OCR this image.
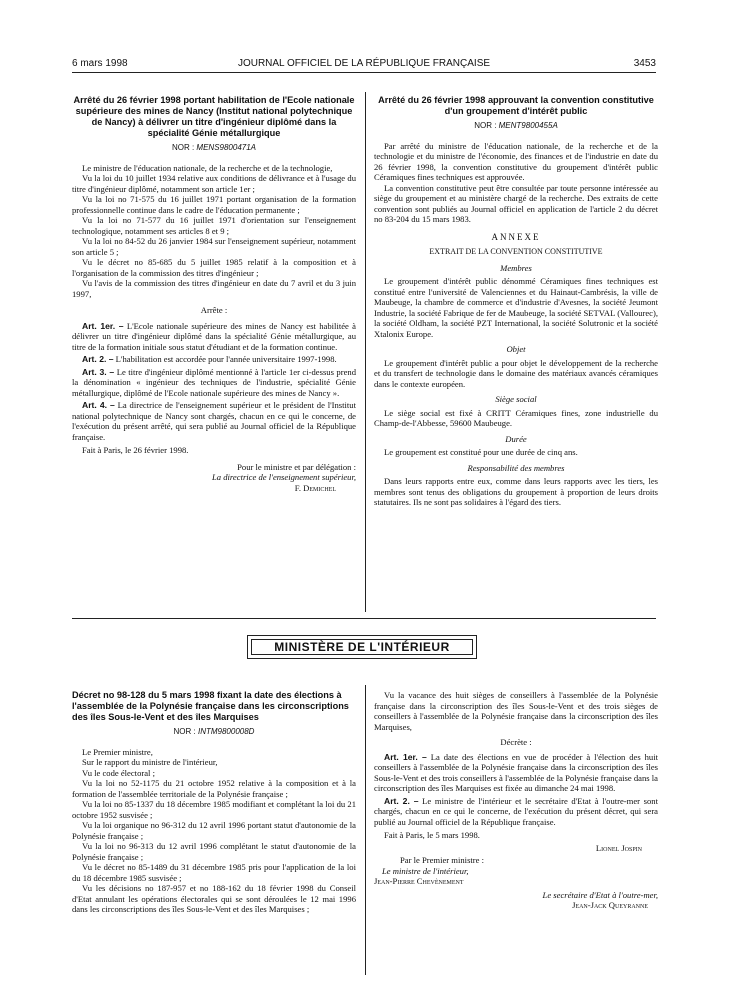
6 mars 1998	JOURNAL OFFICIEL DE LA RÉPUBLIQUE FRANÇAISE	3453

Arrêté du 26 février 1998 portant habilitation de l'Ecole nationale supérieure des mines de Nancy (Institut national polytechnique de Nancy) à délivrer un titre d'ingénieur diplômé dans la spécialité Génie métallurgique

NOR : MENS9800471A

Le ministre de l'éducation nationale, de la recherche et de la technologie,

Vu la loi du 10 juillet 1934 relative aux conditions de délivrance et à l'usage du titre d'ingénieur diplômé, notamment son article 1er ;

Vu la loi no 71-575 du 16 juillet 1971 portant organisation de la formation professionnelle continue dans le cadre de l'éducation permanente ;

Vu la loi no 71-577 du 16 juillet 1971 d'orientation sur l'enseignement technologique, notamment ses articles 8 et 9 ;

Vu la loi no 84-52 du 26 janvier 1984 sur l'enseignement supérieur, notamment son article 5 ;

Vu le décret no 85-685 du 5 juillet 1985 relatif à la composition et à l'organisation de la commission des titres d'ingénieur ;

Vu l'avis de la commission des titres d'ingénieur en date du 7 avril et du 3 juin 1997,

Arrête :

Art. 1er. – L'Ecole nationale supérieure des mines de Nancy est habilitée à délivrer un titre d'ingénieur diplômé dans la spécialité Génie métallurgique, au titre de la formation initiale sous statut d'étudiant et de la formation continue.

Art. 2. – L'habilitation est accordée pour l'année universitaire 1997-1998.

Art. 3. – Le titre d'ingénieur diplômé mentionné à l'article 1er ci-dessus prend la dénomination « ingénieur des techniques de l'industrie, spécialité Génie métallurgique, diplômé de l'Ecole nationale supérieure des mines de Nancy ».

Art. 4. – La directrice de l'enseignement supérieur et le président de l'Institut national polytechnique de Nancy sont chargés, chacun en ce qui le concerne, de l'exécution du présent arrêté, qui sera publié au Journal officiel de la République française.

Fait à Paris, le 26 février 1998.

Pour le ministre et par délégation :

La directrice de l'enseignement supérieur,

F. Demichel

Arrêté du 26 février 1998 approuvant la convention constitutive d'un groupement d'intérêt public

NOR : MENT9800455A

Par arrêté du ministre de l'éducation nationale, de la recherche et de la technologie et du ministre de l'économie, des finances et de l'industrie en date du 26 février 1998, la convention constitutive du groupement d'intérêt public Céramiques fines techniques est approuvée.

La convention constitutive peut être consultée par toute personne intéressée au siège du groupement et au ministère chargé de la recherche. Des extraits de cette convention sont publiés au Journal officiel en application de l'article 2 du décret no 83-204 du 15 mars 1983.

ANNEXE
EXTRAIT DE LA CONVENTION CONSTITUTIVE
Membres

Le groupement d'intérêt public dénommé Céramiques fines techniques est constitué entre l'université de Valenciennes et du Hainaut-Cambrésis, la ville de Maubeuge, la chambre de commerce et d'industrie d'Avesnes, la société Jeumont Industrie, la société Fabrique de fer de Maubeuge, la société SETVAL (Vallourec), la société Oldham, la société PZT International, la société Solutronic et la société Xtalonix Europe.

Objet

Le groupement d'intérêt public a pour objet le développement de la recherche et du transfert de technologie dans le domaine des matériaux avancés céramiques dans le contexte européen.

Siège social

Le siège social est fixé à CRITT Céramiques fines, zone industrielle du Champ-de-l'Abbesse, 59600 Maubeuge.

Durée

Le groupement est constitué pour une durée de cinq ans.

Responsabilité des membres

Dans leurs rapports entre eux, comme dans leurs rapports avec les tiers, les membres sont tenus des obligations du groupement à proportion de leurs droits statutaires. Ils ne sont pas solidaires à l'égard des tiers.

MINISTÈRE DE L'INTÉRIEUR

Décret no 98-128 du 5 mars 1998 fixant la date des élections à l'assemblée de la Polynésie française dans les circonscriptions des îles Sous-le-Vent et des îles Marquises

NOR : INTM9800008D

Le Premier ministre,

Sur le rapport du ministre de l'intérieur,

Vu le code électoral ;

Vu la loi no 52-1175 du 21 octobre 1952 relative à la composition et à la formation de l'assemblée territoriale de la Polynésie française ;

Vu la loi no 85-1337 du 18 décembre 1985 modifiant et complétant la loi du 21 octobre 1952 susvisée ;

Vu la loi organique no 96-312 du 12 avril 1996 portant statut d'autonomie de la Polynésie française ;

Vu la loi no 96-313 du 12 avril 1996 complétant le statut d'autonomie de la Polynésie française ;

Vu le décret no 85-1489 du 31 décembre 1985 pris pour l'application de la loi du 18 décembre 1985 susvisée ;

Vu les décisions no 187-957 et no 188-162 du 18 février 1998 du Conseil d'Etat annulant les opérations électorales qui se sont déroulées le 12 mai 1996 dans les circonscriptions des îles Sous-le-Vent et des îles Marquises ;

Vu la vacance des huit sièges de conseillers à l'assemblée de la Polynésie française dans la circonscription des îles Sous-le-Vent et des trois sièges de conseillers à l'assemblée de la Polynésie française dans la circonscription des îles Marquises,

Décrète :

Art. 1er. – La date des élections en vue de procéder à l'élection des huit conseillers à l'assemblée de la Polynésie française dans la circonscription des îles Sous-le-Vent et des trois conseillers à l'assemblée de la Polynésie française dans la circonscription des îles Marquises est fixée au dimanche 24 mai 1998.

Art. 2. – Le ministre de l'intérieur et le secrétaire d'Etat à l'outre-mer sont chargés, chacun en ce qui le concerne, de l'exécution du présent décret, qui sera publié au Journal officiel de la République française.

Fait à Paris, le 5 mars 1998.

Lionel Jospin

Par le Premier ministre :

Le ministre de l'intérieur,

Jean-Pierre Chevènement

Le secrétaire d'Etat à l'outre-mer,

Jean-Jack Queyranne
